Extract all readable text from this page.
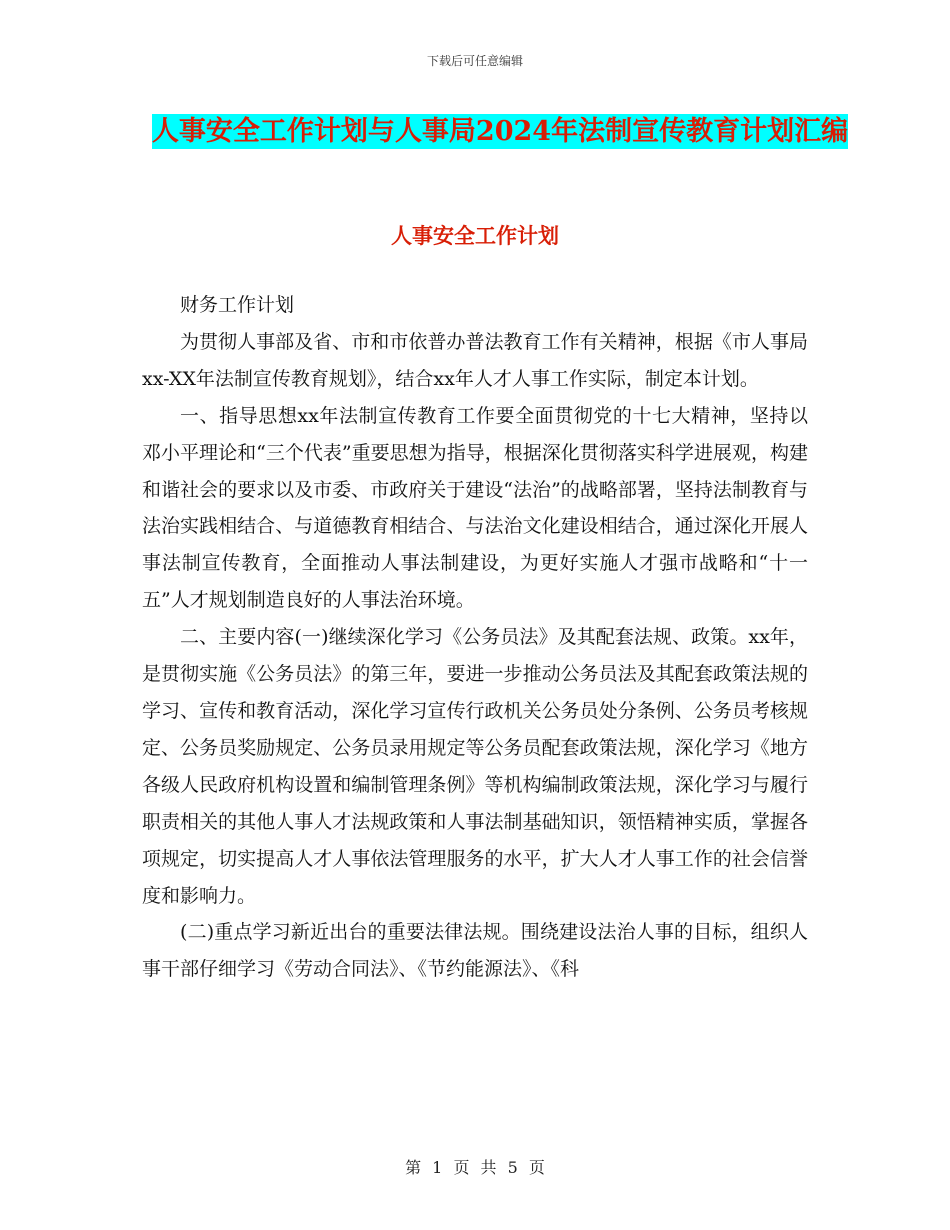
下载后可任意编辑
人事安全工作计划与人事局2024年法制宣传教育计划汇编
人事安全工作计划

财务工作计划

为贯彻人事部及省、市和市依普办普法教育工作有关精神，根据《市人事局xx-XX年法制宣传教育规划》，结合xx年人才人事工作实际，制定本计划。

一、指导思想xx年法制宣传教育工作要全面贯彻党的十七大精神，坚持以邓小平理论和“三个代表”重要思想为指导，根据深化贯彻落实科学进展观，构建和谐社会的要求以及市委、市政府关于建设“法治”的战略部署，坚持法制教育与法治实践相结合、与道德教育相结合、与法治文化建设相结合，通过深化开展人事法制宣传教育，全面推动人事法制建设，为更好实施人才强市战略和“十一五”人才规划制造良好的人事法治环境。

二、主要内容(一)继续深化学习《公务员法》及其配套法规、政策。xx年，是贯彻实施《公务员法》的第三年，要进一步推动公务员法及其配套政策法规的学习、宣传和教育活动，深化学习宣传行政机关公务员处分条例、公务员考核规定、公务员奖励规定、公务员录用规定等公务员配套政策法规，深化学习《地方各级人民政府机构设置和编制管理条例》等机构编制政策法规，深化学习与履行职责相关的其他人事人才法规政策和人事法制基础知识，领悟精神实质，掌握各项规定，切实提高人才人事依法管理服务的水平，扩大人才人事工作的社会信誉度和影响力。

(二)重点学习新近出台的重要法律法规。围绕建设法治人事的目标，组织人事干部仔细学习《劳动合同法》、《节约能源法》、《科

第 1 页 共 5 页
